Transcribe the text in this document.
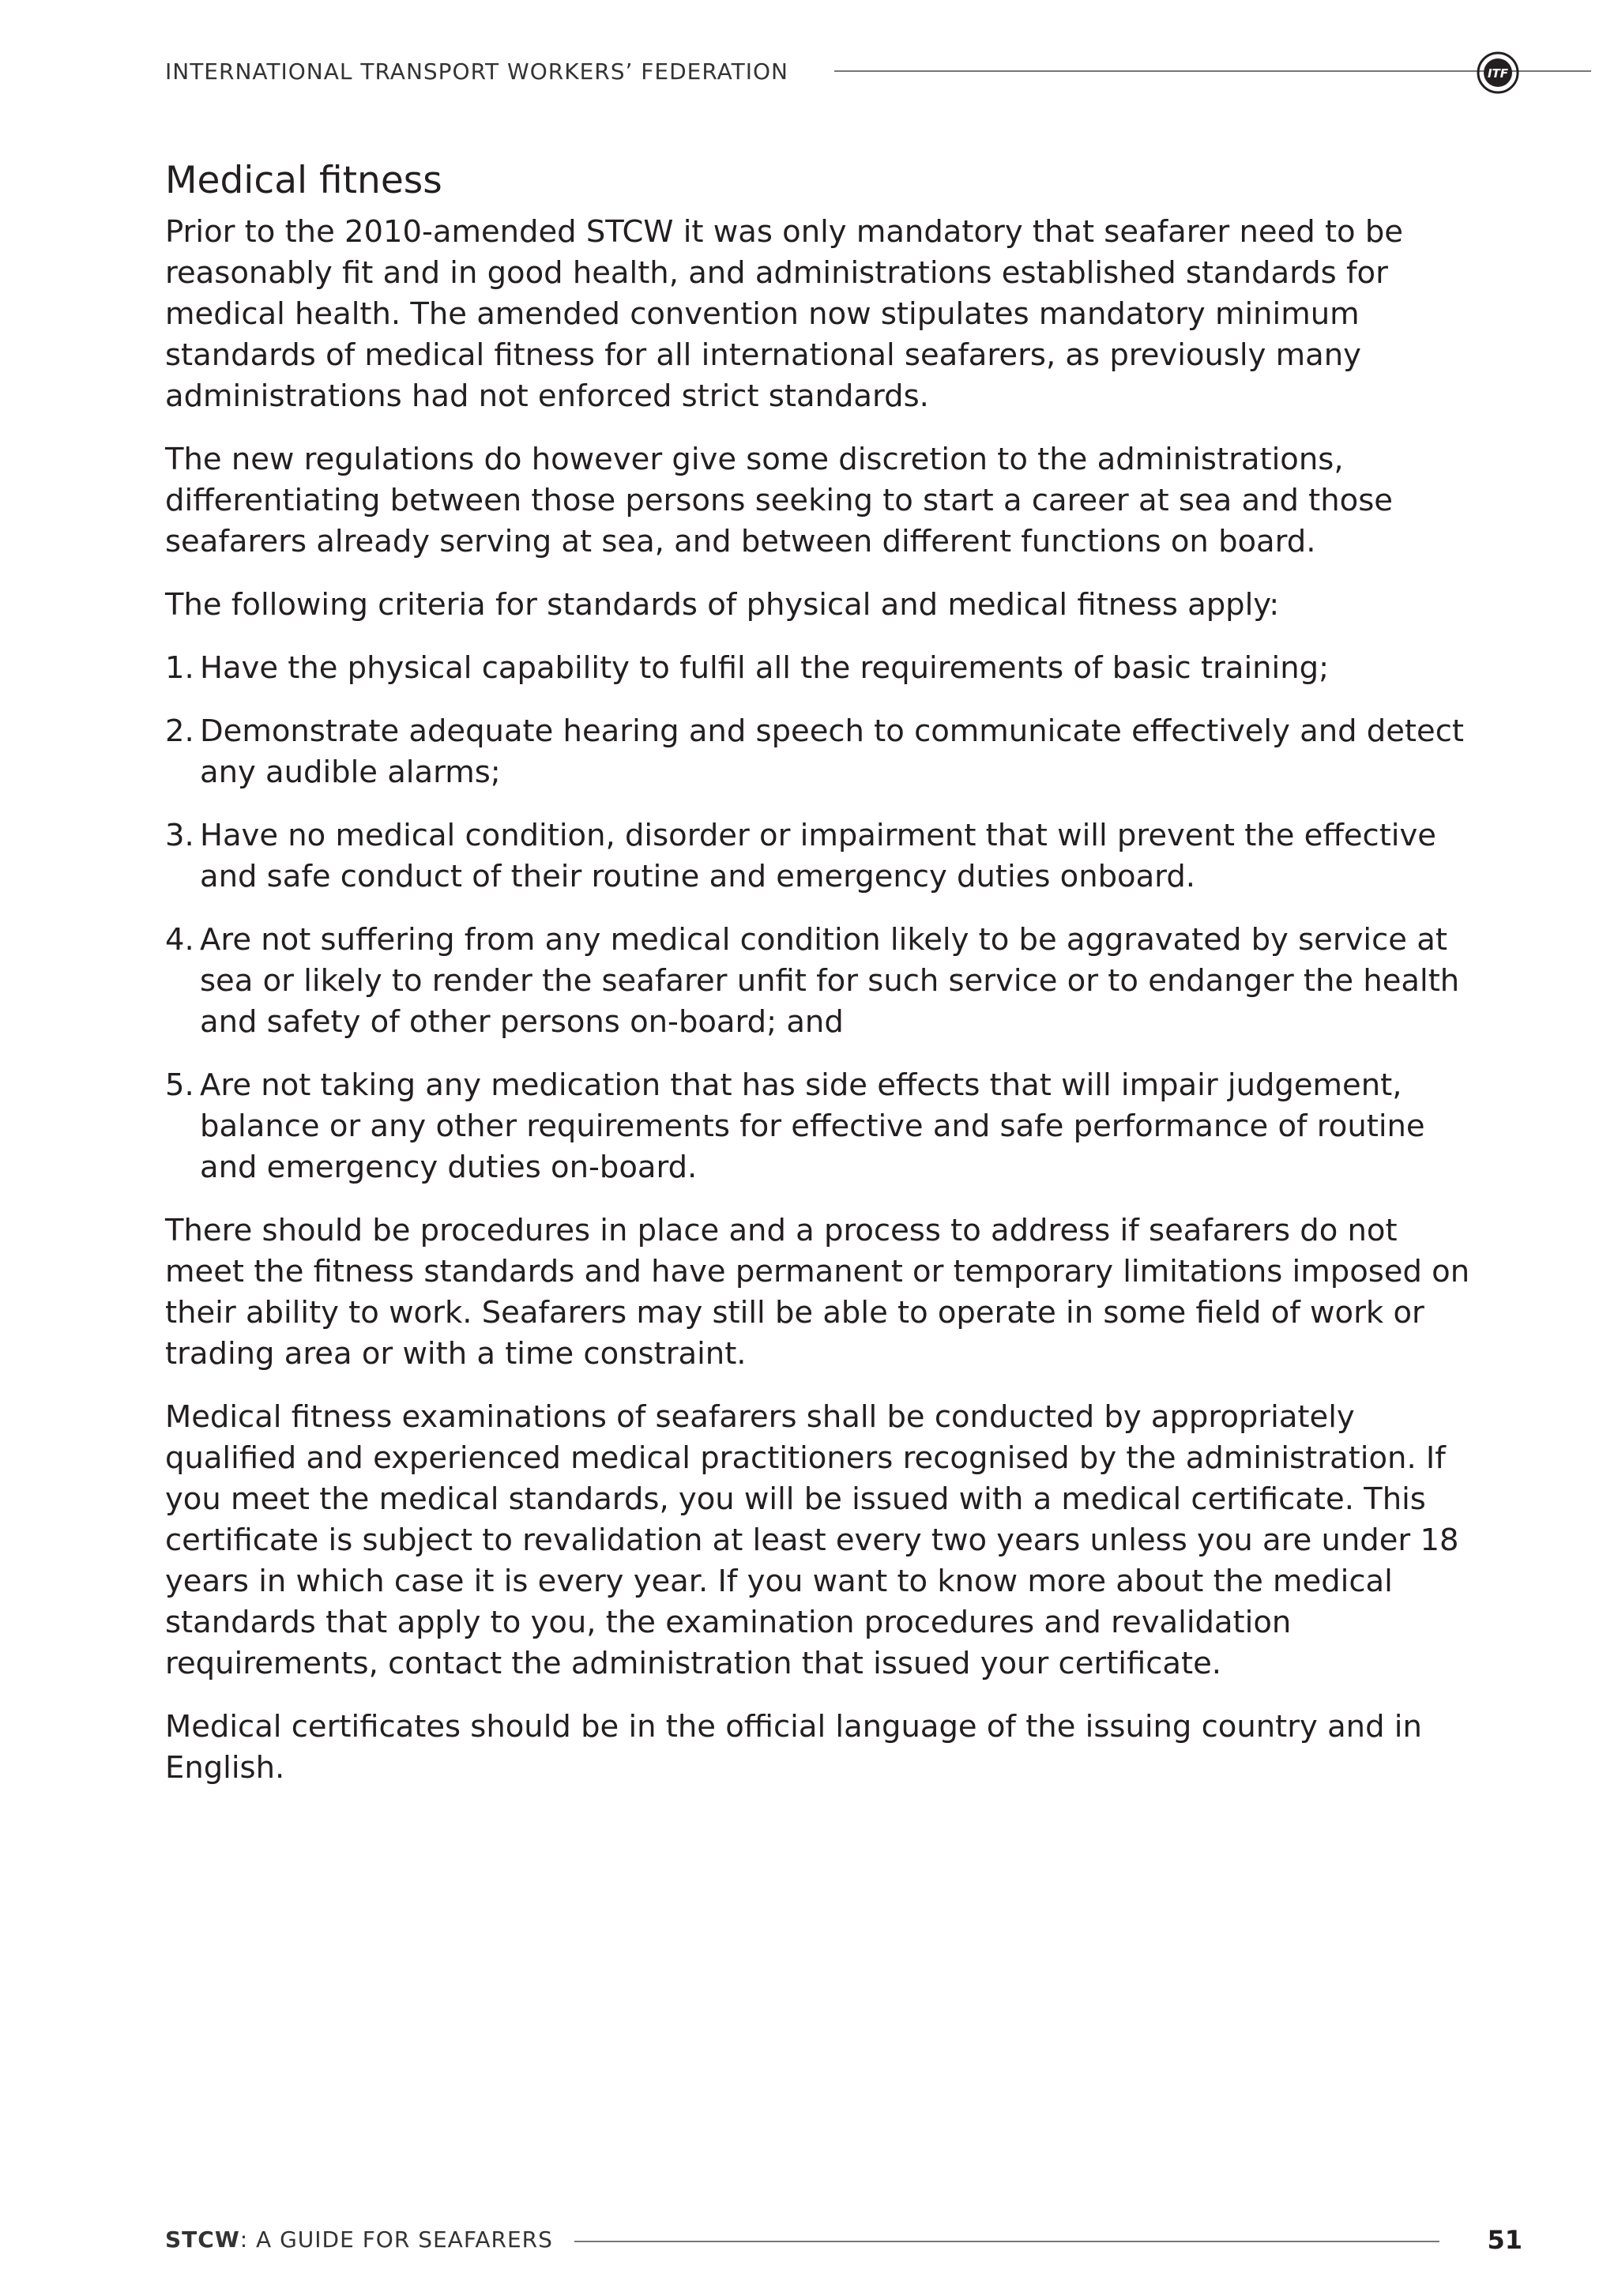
INTERNATIONAL TRANSPORT WORKERS’ FEDERATION	ITF
Medical fitness

Prior to the 2010-amended STCW it was only mandatory that seafarer need to be reasonably fit and in good health, and administrations established standards for medical health. The amended convention now stipulates mandatory minimum standards of medical fitness for all international seafarers, as previously many administrations had not enforced strict standards.

The new regulations do however give some discretion to the administrations, differentiating between those persons seeking to start a career at sea and those seafarers already serving at sea, and between different functions on board.

The following criteria for standards of physical and medical fitness apply:

1. Have the physical capability to fulfil all the requirements of basic training;
2. Demonstrate adequate hearing and speech to communicate effectively and detect any audible alarms;
3. Have no medical condition, disorder or impairment that will prevent the effective and safe conduct of their routine and emergency duties onboard.
4. Are not suffering from any medical condition likely to be aggravated by service at sea or likely to render the seafarer unfit for such service or to endanger the health and safety of other persons on-board; and
5. Are not taking any medication that has side effects that will impair judgement, balance or any other requirements for effective and safe performance of routine and emergency duties on-board.

There should be procedures in place and a process to address if seafarers do not meet the fitness standards and have permanent or temporary limitations imposed on their ability to work. Seafarers may still be able to operate in some field of work or trading area or with a time constraint.

Medical fitness examinations of seafarers shall be conducted by appropriately qualified and experienced medical practitioners recognised by the administration. If you meet the medical standards, you will be issued with a medical certificate. This certificate is subject to revalidation at least every two years unless you are under 18 years in which case it is every year. If you want to know more about the medical standards that apply to you, the examination procedures and revalidation requirements, contact the administration that issued your certificate.

Medical certificates should be in the official language of the issuing country and in English.

STCW: A GUIDE FOR SEAFARERS	51
